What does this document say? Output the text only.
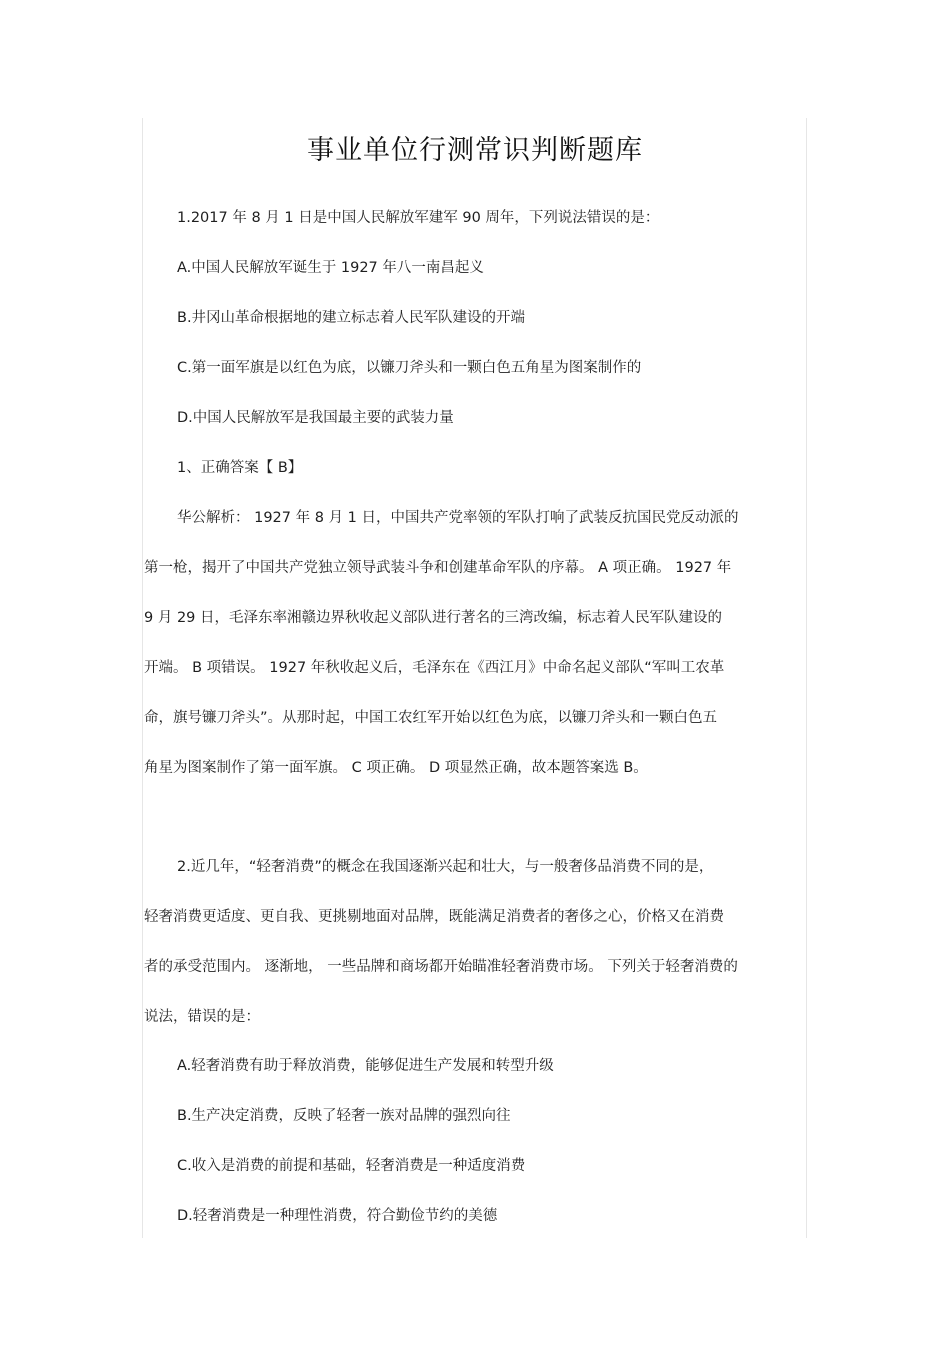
事业单位行测常识判断题库
1.2017 年 8 月 1 日是中国人民解放军建军 90 周年，下列说法错误的是：
A.中国人民解放军诞生于 1927 年八一南昌起义
B.井冈山革命根据地的建立标志着人民军队建设的开端
C.第一面军旗是以红色为底，以镰刀斧头和一颗白色五角星为图案制作的
D.中国人民解放军是我国最主要的武装力量
1、正确答案【 B】
华公解析： 1927 年 8 月 1 日，中国共产党率领的军队打响了武装反抗国民党反动派的
第一枪，揭开了中国共产党独立领导武装斗争和创建革命军队的序幕。 A 项正确。 1927 年
9 月 29 日，毛泽东率湘赣边界秋收起义部队进行著名的三湾改编，标志着人民军队建设的
开端。 B 项错误。 1927 年秋收起义后，毛泽东在《西江月》中命名起义部队“军叫工农革
命，旗号镰刀斧头”。从那时起，中国工农红军开始以红色为底，以镰刀斧头和一颗白色五
角星为图案制作了第一面军旗。 C 项正确。 D 项显然正确，故本题答案选 B。
2.近几年，“轻奢消费”的概念在我国逐渐兴起和壮大，与一般奢侈品消费不同的是，
轻奢消费更适度、更自我、更挑剔地面对品牌，既能满足消费者的奢侈之心，价格又在消费
者的承受范围内。 逐渐地， 一些品牌和商场都开始瞄准轻奢消费市场。 下列关于轻奢消费的
说法，错误的是：
A.轻奢消费有助于释放消费，能够促进生产发展和转型升级
B.生产决定消费，反映了轻奢一族对品牌的强烈向往
C.收入是消费的前提和基础，轻奢消费是一种适度消费
D.轻奢消费是一种理性消费，符合勤俭节约的美德
